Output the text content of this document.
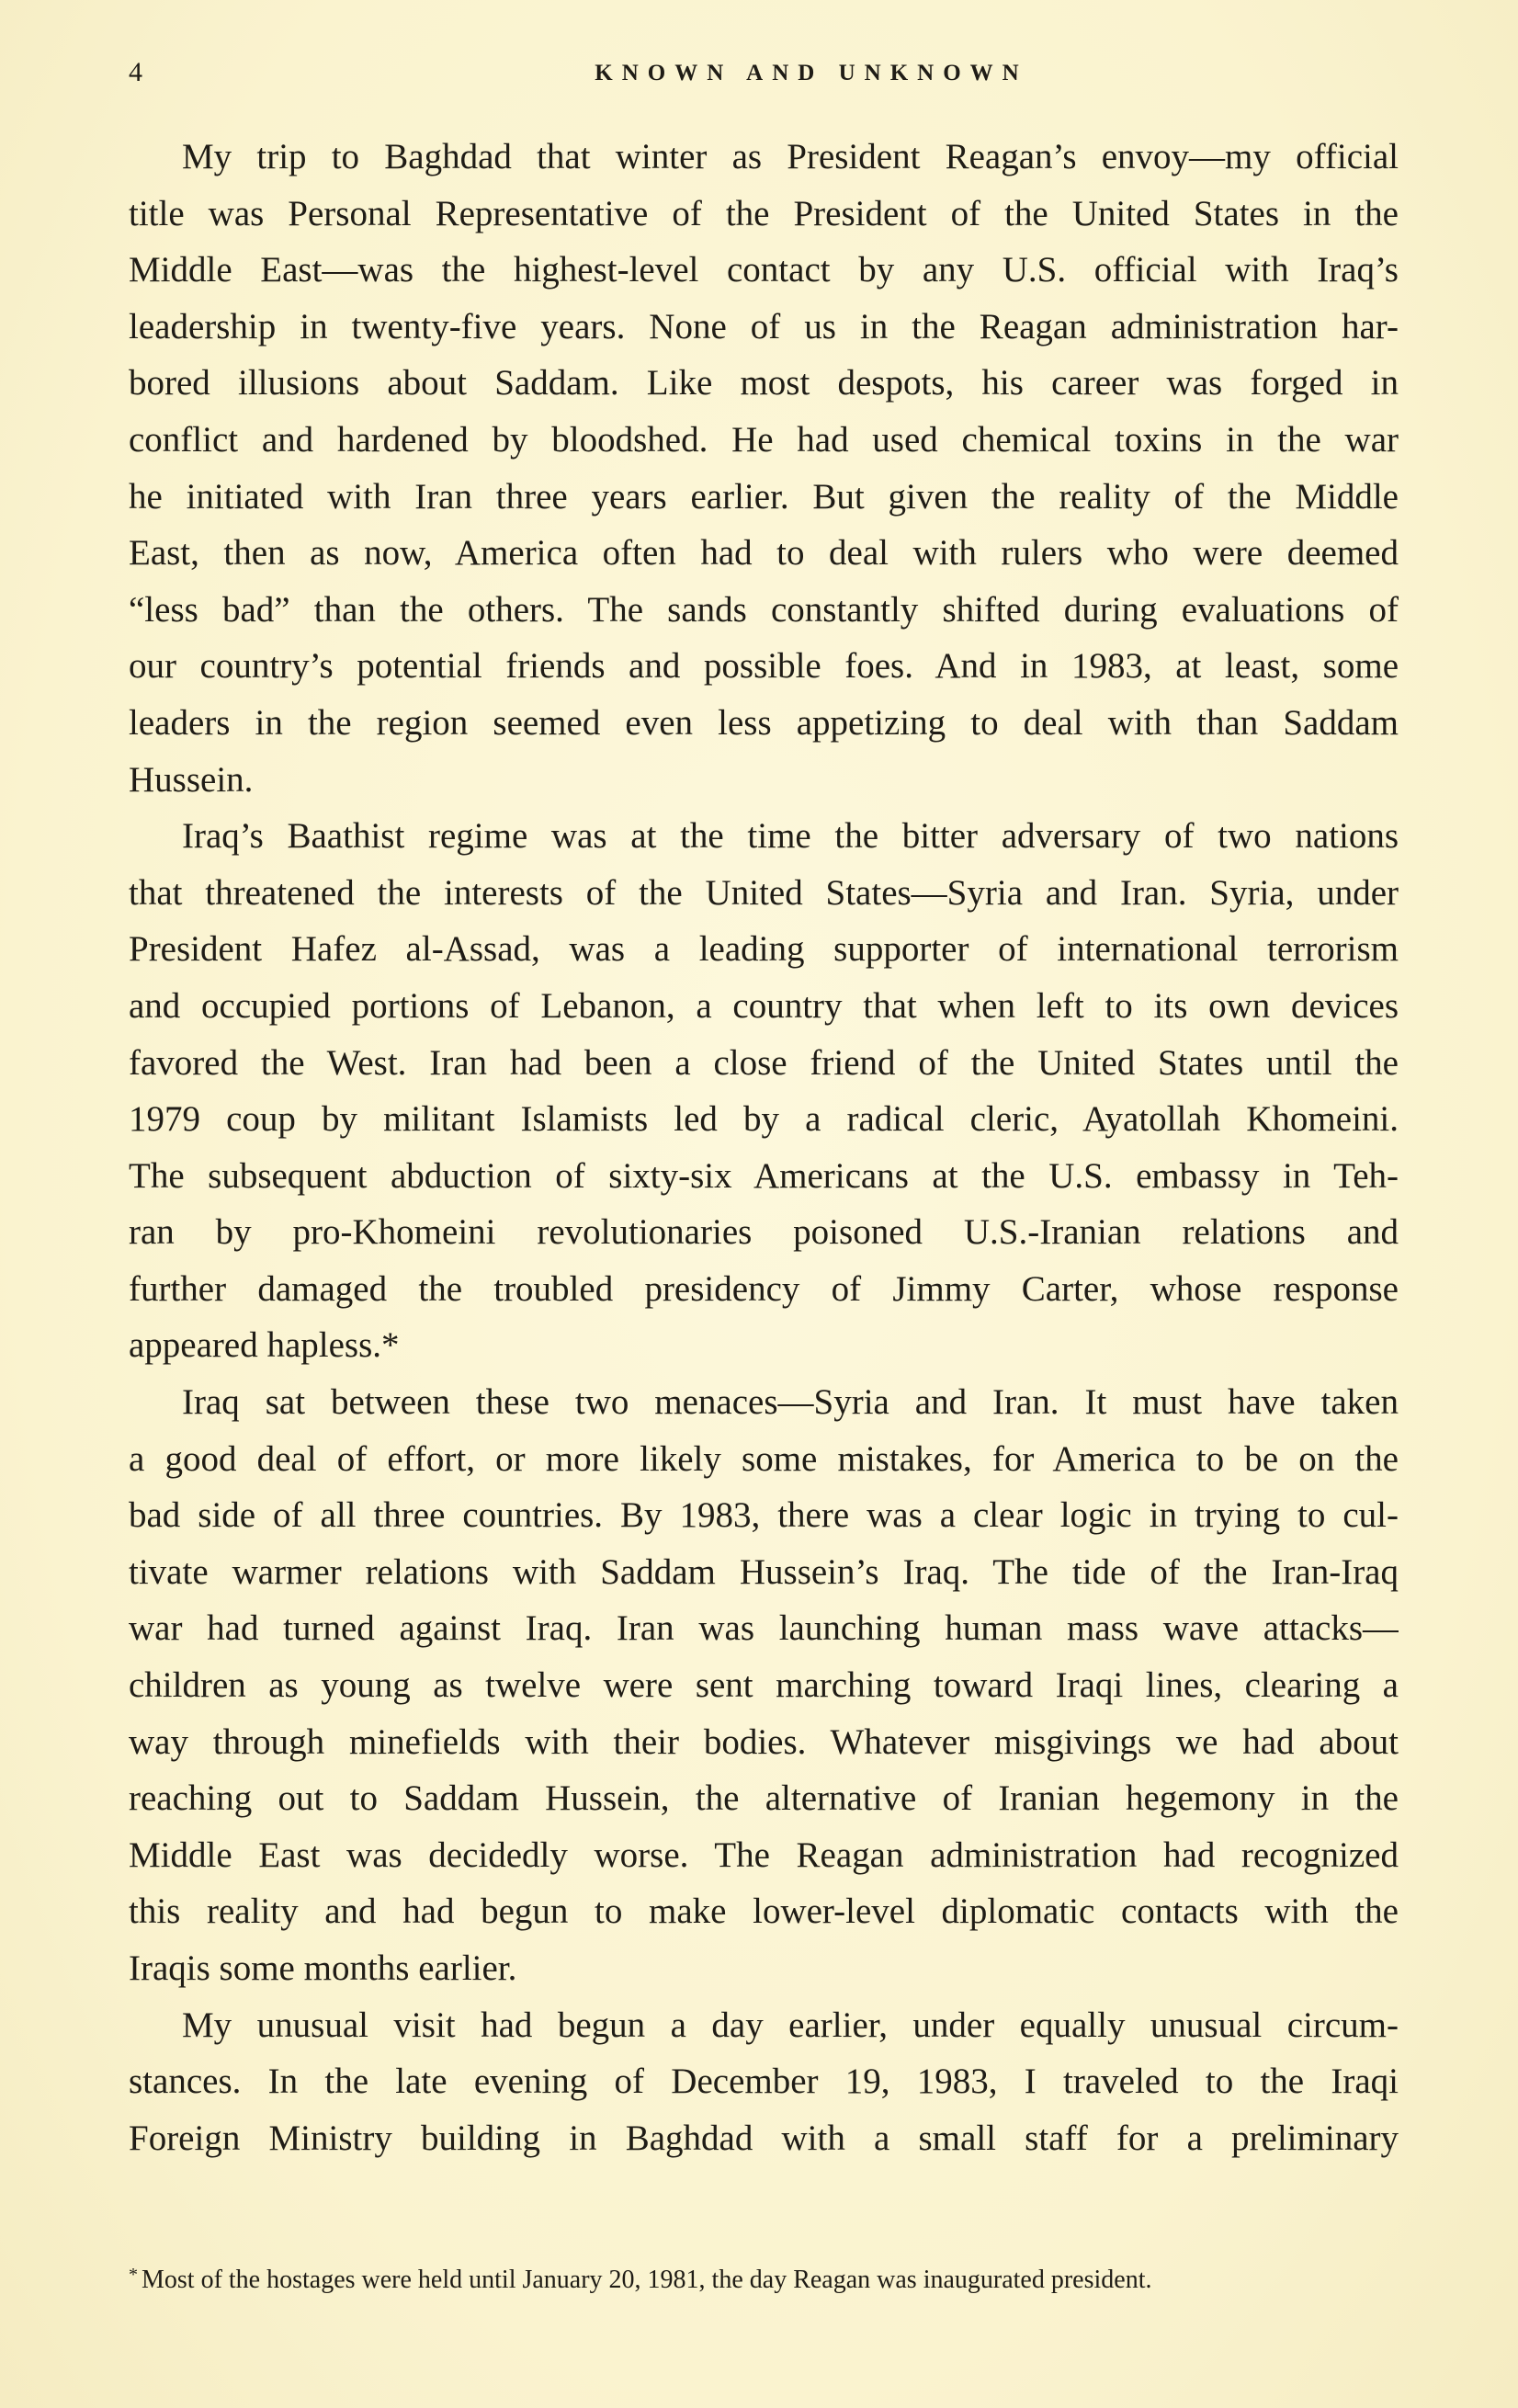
4	KNOWN AND UNKNOWN
My trip to Baghdad that winter as President Reagan’s envoy—my official
title was Personal Representative of the President of the United States in the
Middle East—was the highest-level contact by any U.S. official with Iraq’s
leadership in twenty-five years. None of us in the Reagan administration har-
bored illusions about Saddam. Like most despots, his career was forged in
conflict and hardened by bloodshed. He had used chemical toxins in the war
he initiated with Iran three years earlier. But given the reality of the Middle
East, then as now, America often had to deal with rulers who were deemed
“less bad” than the others. The sands constantly shifted during evaluations of
our country’s potential friends and possible foes. And in 1983, at least, some
leaders in the region seemed even less appetizing to deal with than Saddam
Hussein.
Iraq’s Baathist regime was at the time the bitter adversary of two nations
that threatened the interests of the United States—Syria and Iran. Syria, under
President Hafez al-Assad, was a leading supporter of international terrorism
and occupied portions of Lebanon, a country that when left to its own devices
favored the West. Iran had been a close friend of the United States until the
1979 coup by militant Islamists led by a radical cleric, Ayatollah Khomeini.
The subsequent abduction of sixty-six Americans at the U.S. embassy in Teh-
ran by pro-Khomeini revolutionaries poisoned U.S.-Iranian relations and
further damaged the troubled presidency of Jimmy Carter, whose response
appeared hapless.*
Iraq sat between these two menaces—Syria and Iran. It must have taken
a good deal of effort, or more likely some mistakes, for America to be on the
bad side of all three countries. By 1983, there was a clear logic in trying to cul-
tivate warmer relations with Saddam Hussein’s Iraq. The tide of the Iran-Iraq
war had turned against Iraq. Iran was launching human mass wave attacks—
children as young as twelve were sent marching toward Iraqi lines, clearing a
way through minefields with their bodies. Whatever misgivings we had about
reaching out to Saddam Hussein, the alternative of Iranian hegemony in the
Middle East was decidedly worse. The Reagan administration had recognized
this reality and had begun to make lower-level diplomatic contacts with the
Iraqis some months earlier.
My unusual visit had begun a day earlier, under equally unusual circum-
stances. In the late evening of December 19, 1983, I traveled to the Iraqi
Foreign Ministry building in Baghdad with a small staff for a preliminary
* Most of the hostages were held until January 20, 1981, the day Reagan was inaugurated president.
